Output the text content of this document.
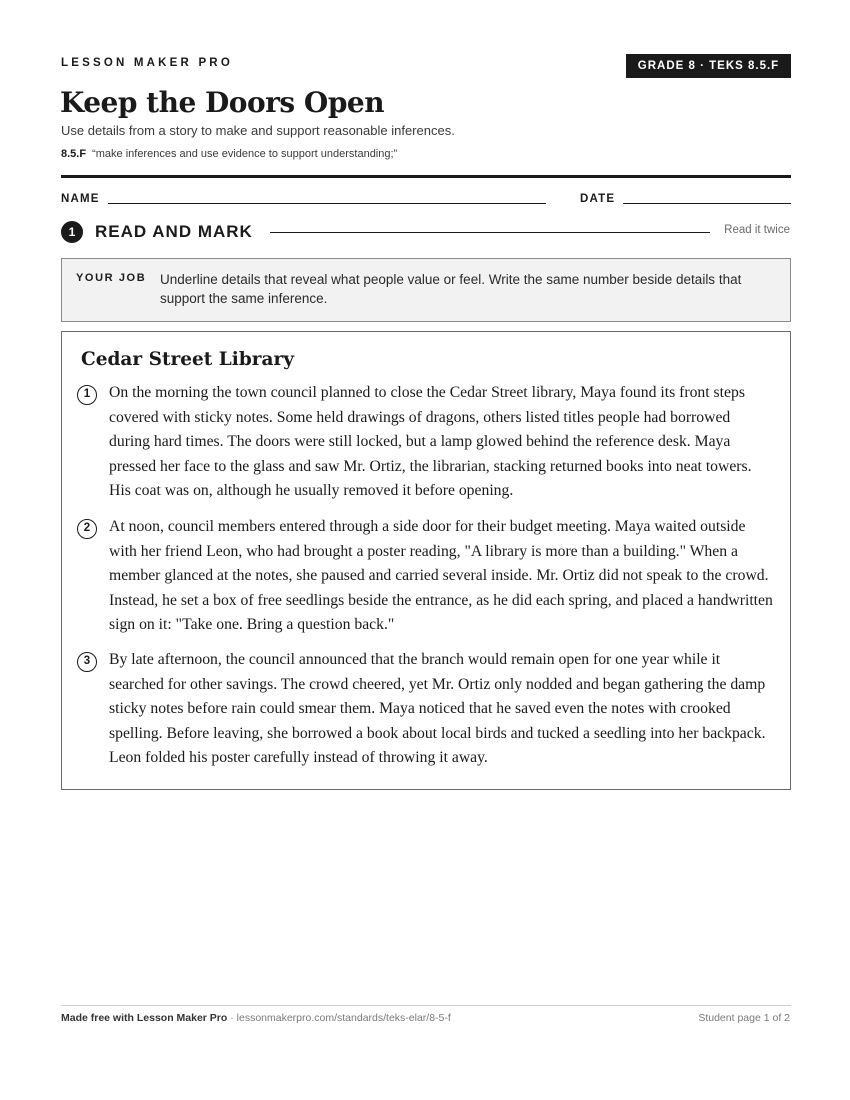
LESSON MAKER PRO	GRADE 8 · TEKS 8.5.F
Keep the Doors Open
Use details from a story to make and support reasonable inferences.
8.5.F “make inferences and use evidence to support understanding;”
NAME	DATE
1	READ AND MARK	Read it twice
YOUR JOB Underline details that reveal what people value or feel. Write the same number beside details that support the same inference.
Cedar Street Library
1	On the morning the town council planned to close the Cedar Street library, Maya found its front steps covered with sticky notes. Some held drawings of dragons, others listed titles people had borrowed during hard times. The doors were still locked, but a lamp glowed behind the reference desk. Maya pressed her face to the glass and saw Mr. Ortiz, the librarian, stacking returned books into neat towers. His coat was on, although he usually removed it before opening.

2	At noon, council members entered through a side door for their budget meeting. Maya waited outside with her friend Leon, who had brought a poster reading, "A library is more than a building." When a member glanced at the notes, she paused and carried several inside. Mr. Ortiz did not speak to the crowd. Instead, he set a box of free seedlings beside the entrance, as he did each spring, and placed a handwritten sign on it: "Take one. Bring a question back."

3	By late afternoon, the council announced that the branch would remain open for one year while it searched for other savings. The crowd cheered, yet Mr. Ortiz only nodded and began gathering the damp sticky notes before rain could smear them. Maya noticed that he saved even the notes with crooked spelling. Before leaving, she borrowed a book about local birds and tucked a seedling into her backpack. Leon folded his poster carefully instead of throwing it away.

Made free with Lesson Maker Pro · lessonmakerpro.com/standards/teks-elar/8-5-f	Student page 1 of 2
